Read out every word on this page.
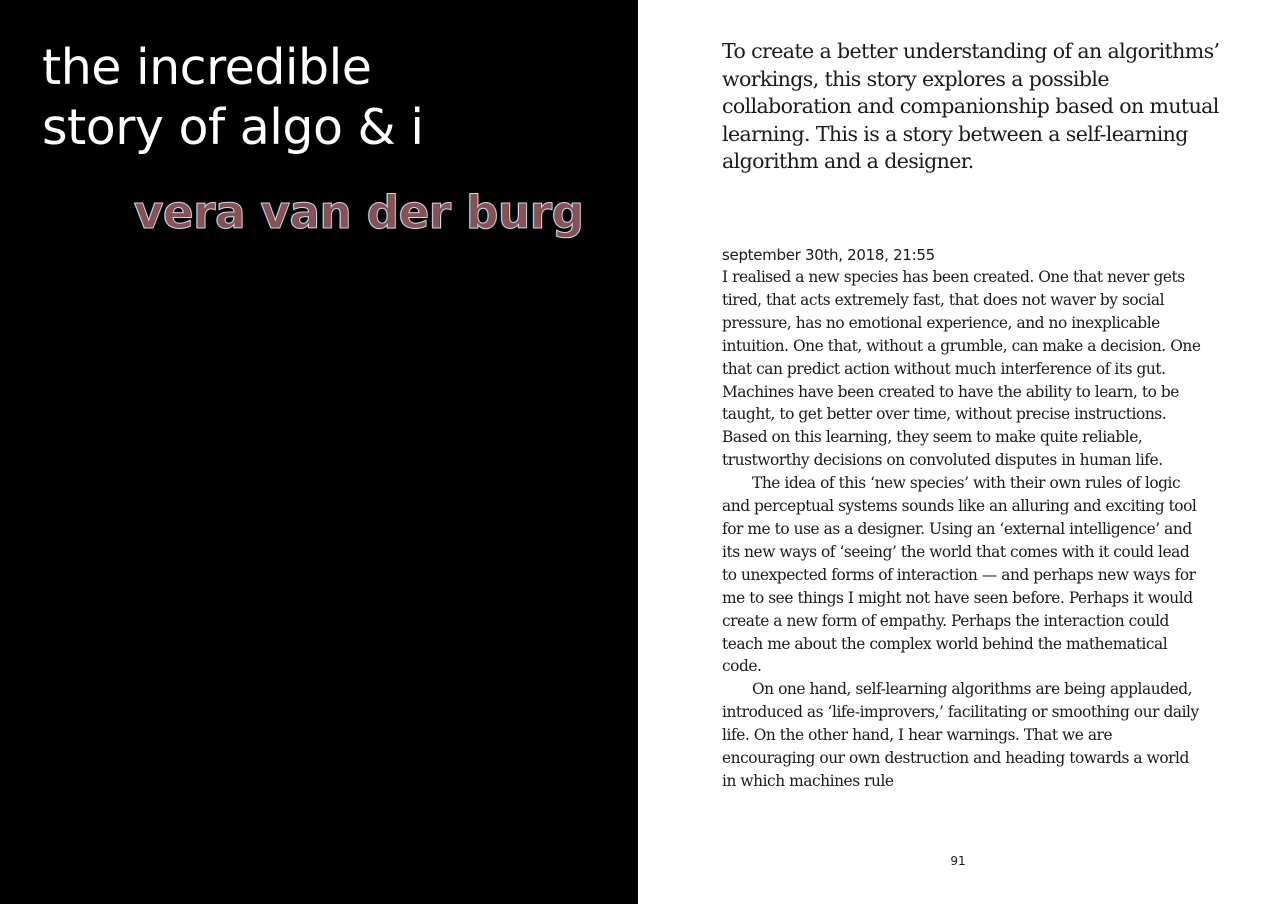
the incredible
story of algo & i
vera van der burg

To create a better understanding of an algorithms’ workings, this story explores a possible collaboration and companionship based on mutual learning. This is a story between a self-learning algorithm and a designer.

september 30th, 2018, 21:55

I realised a new species has been created. One that never gets tired, that acts extremely fast, that does not waver by social pressure, has no emotional experience, and no inexplicable intuition. One that, without a grumble, can make a decision. One that can predict action without much interference of its gut. Machines have been created to have the ability to learn, to be taught, to get better over time, without precise instructions. Based on this learning, they seem to make quite reliable, trustworthy decisions on convoluted disputes in human life.

The idea of this ‘new species’ with their own rules of logic and perceptual systems sounds like an alluring and exciting tool for me to use as a designer. Using an ‘external intelligence’ and its new ways of ‘seeing’ the world that comes with it could lead to unexpected forms of interaction — and perhaps new ways for me to see things I might not have seen before. Perhaps it would create a new form of empathy. Perhaps the interaction could teach me about the complex world behind the mathematical code.

On one hand, self-learning algorithms are being applauded, introduced as ‘life-improvers,’ facilitating or smoothing our daily life. On the other hand, I hear warnings. That we are encouraging our own destruction and heading towards a world in which machines rule

91
